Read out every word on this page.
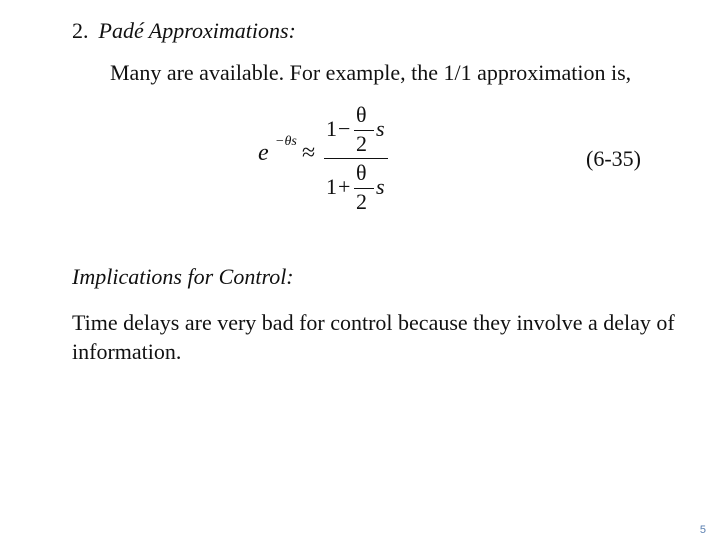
2. Padé Approximations:
Many are available. For example, the 1/1 approximation is,
e −θs ≈
1 −
θ
2
s
1 +
θ
2
s
(6-35)
Implications for Control:
Time delays are very bad for control because they involve a delay of information.
5
